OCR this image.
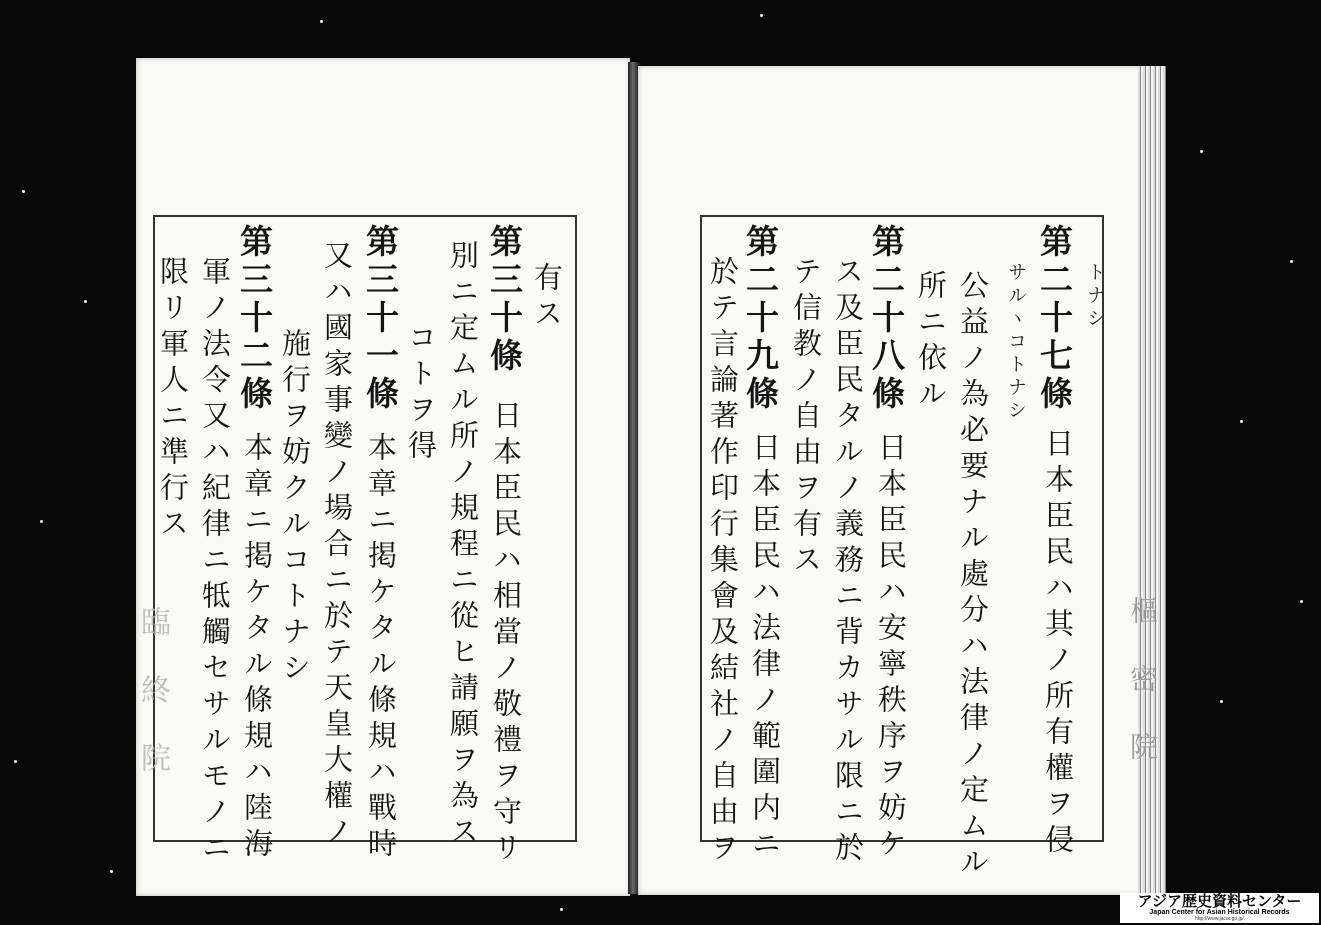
有ス
第三十條
日本臣民ハ相當ノ敬禮ヲ守リ
別ニ定ムル所ノ規程ニ從ヒ請願ヲ為ス
コトヲ得
第三十一條
本章ニ掲ケタル條規ハ戰時
又ハ國家事變ノ場合ニ於テ天皇大權ノ
施行ヲ妨クルコトナシ
第三十二條
本章ニ掲ケタル條規ハ陸海
軍ノ法令又ハ紀律ニ牴觸セサルモノニ
限リ軍人ニ準行ス
臨終院
トナシ
第二十七條
日本臣民ハ其ノ所有權ヲ侵
サルヽコトナシ
公益ノ為必要ナル處分ハ法律ノ定ムル
所ニ依ル
第二十八條
日本臣民ハ安寧秩序ヲ妨ケ
ス及臣民タルノ義務ニ背カサル限ニ於
テ信教ノ自由ヲ有ス
第二十九條
日本臣民ハ法律ノ範圍内ニ
於テ言論著作印行集會及結社ノ自由ヲ	樞密院
アジア歴史資料センター
Japan Center for Asian Historical Records
http://www.jacar.go.jp/
